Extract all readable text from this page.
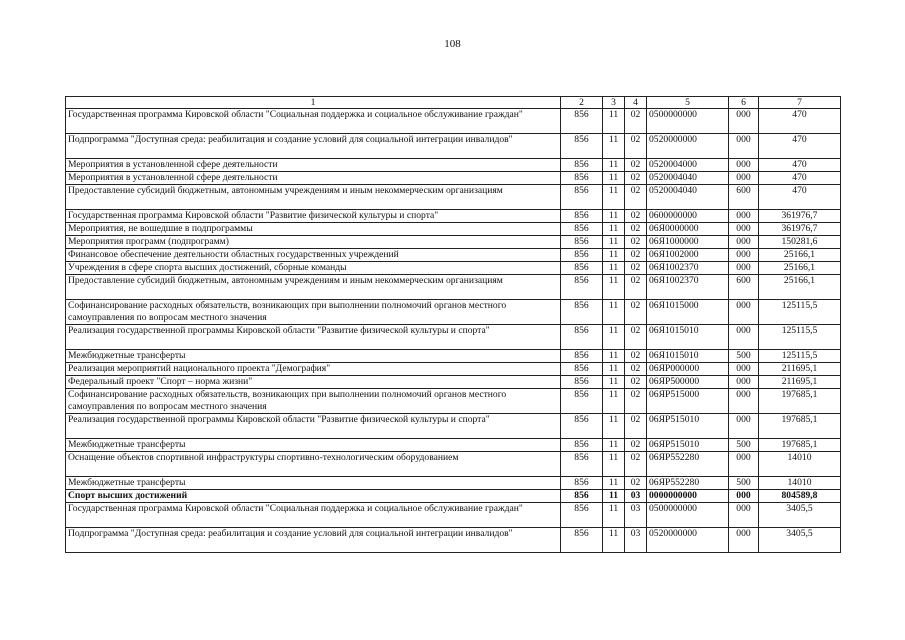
108
1	2	3	4	5	6	7
Государственная программа Кировской области "Социальная поддержка и социальное обслуживание граждан"	856	11	02	0500000000	000	470
Подпрограмма "Доступная среда: реабилитация и создание условий для социальной интеграции инвалидов"	856	11	02	0520000000	000	470
Мероприятия в установленной сфере деятельности	856	11	02	0520004000	000	470
Мероприятия в установленной сфере деятельности	856	11	02	0520004040	000	470
Предоставление субсидий бюджетным, автономным учреждениям и иным некоммерческим организациям	856	11	02	0520004040	600	470
Государственная программа Кировской области "Развитие физической культуры и спорта"	856	11	02	0600000000	000	361976,7
Мероприятия, не вошедшие в подпрограммы	856	11	02	06Я0000000	000	361976,7
Мероприятия программ (подпрограмм)	856	11	02	06Я1000000	000	150281,6
Финансовое обеспечение деятельности областных государственных учреждений	856	11	02	06Я1002000	000	25166,1
Учреждения в сфере спорта высших достижений, сборные команды	856	11	02	06Я1002370	000	25166,1
Предоставление субсидий бюджетным, автономным учреждениям и иным некоммерческим организациям	856	11	02	06Я1002370	600	25166,1
Софинансирование расходных обязательств, возникающих при выполнении полномочий органов местного самоуправления по вопросам местного значения	856	11	02	06Я1015000	000	125115,5
Реализация государственной программы Кировской области "Развитие физической культуры и спорта"	856	11	02	06Я1015010	000	125115,5
Межбюджетные трансферты	856	11	02	06Я1015010	500	125115,5
Реализация мероприятий национального проекта "Демография"	856	11	02	06ЯР000000	000	211695,1
Федеральный проект "Спорт – норма жизни"	856	11	02	06ЯР500000	000	211695,1
Софинансирование расходных обязательств, возникающих при выполнении полномочий органов местного самоуправления по вопросам местного значения	856	11	02	06ЯР515000	000	197685,1
Реализация государственной программы Кировской области "Развитие физической культуры и спорта"	856	11	02	06ЯР515010	000	197685,1
Межбюджетные трансферты	856	11	02	06ЯР515010	500	197685,1
Оснащение объектов спортивной инфраструктуры спортивно-технологическим оборудованием	856	11	02	06ЯР552280	000	14010
Межбюджетные трансферты	856	11	02	06ЯР552280	500	14010
Спорт высших достижений	856	11	03	0000000000	000	804589,8
Государственная программа Кировской области "Социальная поддержка и социальное обслуживание граждан"	856	11	03	0500000000	000	3405,5
Подпрограмма "Доступная среда: реабилитация и создание условий для социальной интеграции инвалидов"	856	11	03	0520000000	000	3405,5
